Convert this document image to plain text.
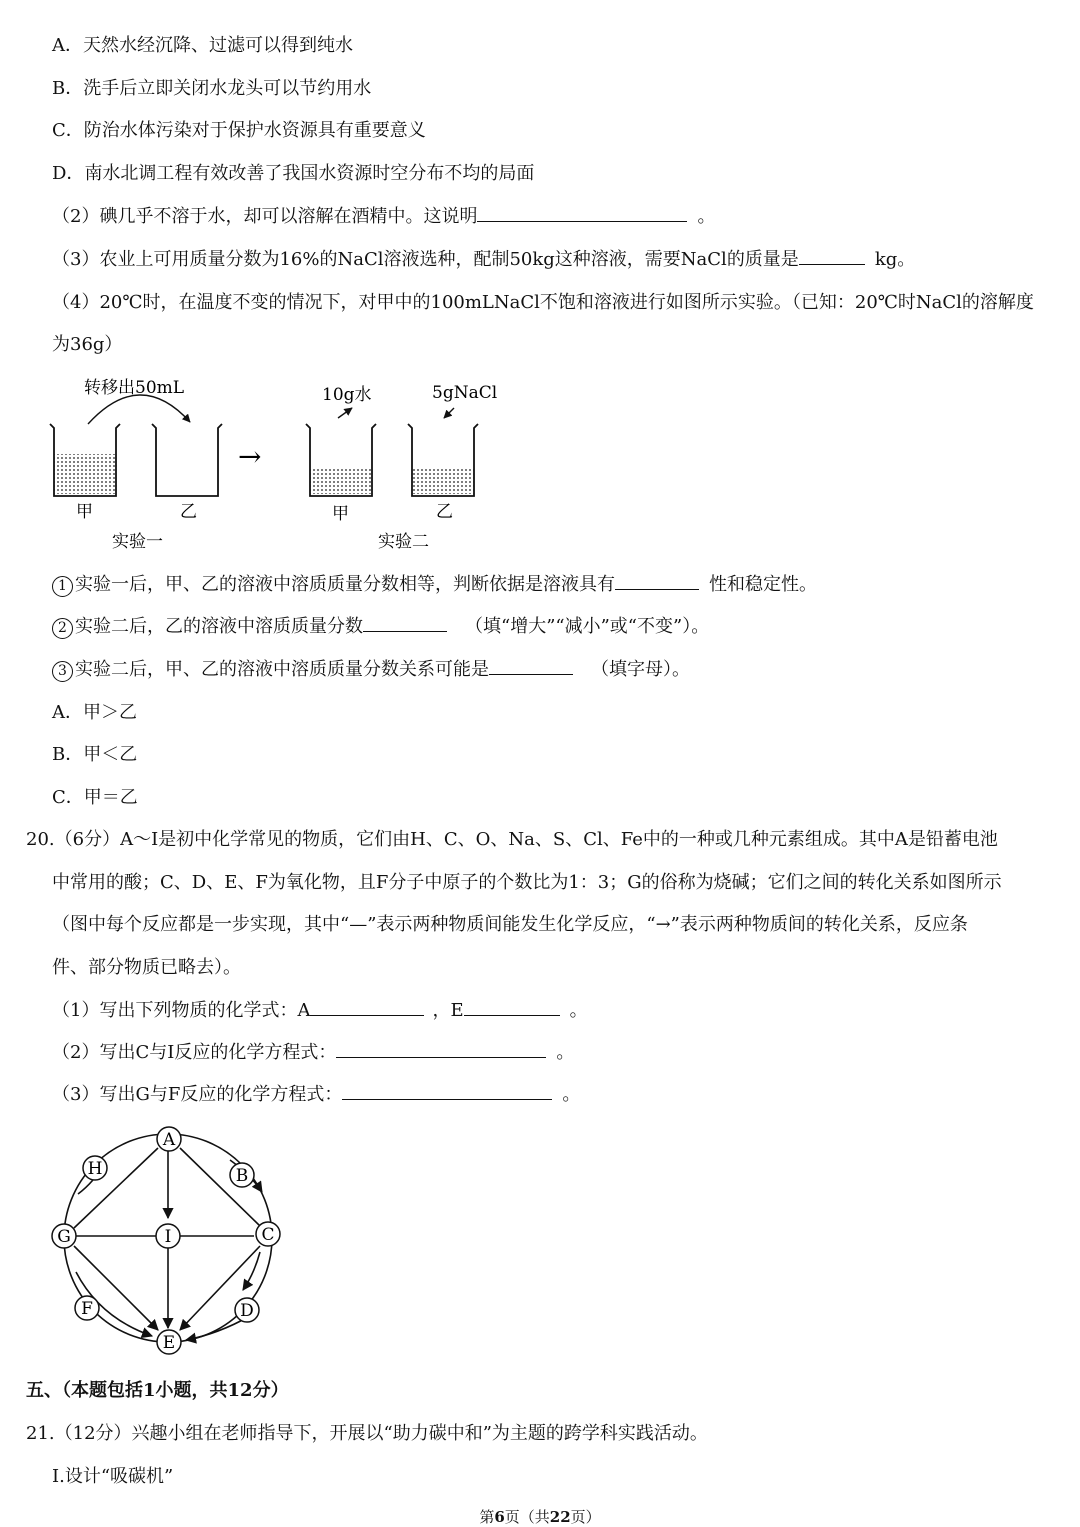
A．天然水经沉降、过滤可以得到纯水
B．洗手后立即关闭水龙头可以节约用水
C．防治水体污染对于保护水资源具有重要意义
D．南水北调工程有效改善了我国水资源时空分布不均的局面
（2）碘几乎不溶于水，却可以溶解在酒精中。这说明	。
（3）农业上可用质量分数为16%的NaCl溶液选种，配制50kg这种溶液，需要NaCl的质量是	kg。
（4）20℃时，在温度不变的情况下，对甲中的100mLNaCl不饱和溶液进行如图所示实验。（已知：20℃时NaCl的溶解度
为36g）
转移出50mL
→
10g水	5gNaCl
甲	乙	甲	乙
实验一	实验二
1 实验一后，甲、乙的溶液中溶质质量分数相等，判断依据是溶液具有	性和稳定性。
2 实验二后，乙的溶液中溶质质量分数	（填“增大”“减小”或“不变”）。
3 实验二后，甲、乙的溶液中溶质质量分数关系可能是	（填字母）。
A．甲＞乙
B．甲＜乙
C．甲＝乙
20.（6分）A～I是初中化学常见的物质，它们由H、C、O、Na、S、Cl、Fe中的一种或几种元素组成。其中A是铅蓄电池
中常用的酸；C、D、E、F为氧化物，且F分子中原子的个数比为1：3；G的俗称为烧碱；它们之间的转化关系如图所示
（图中每个反应都是一步实现，其中“—”表示两种物质间能发生化学反应，“→”表示两种物质间的转化关系，反应条
件、部分物质已略去）。
（1）写出下列物质的化学式：A	，E	。
（2）写出C与I反应的化学方程式：	。
（3）写出G与F反应的化学方程式：	。
A
H	B
G	I	C
F	D
E
五、（本题包括1小题，共12分）
21.（12分）兴趣小组在老师指导下，开展以“助力碳中和”为主题的跨学科实践活动。
Ⅰ.设计“吸碳机”
第6页（共22页）
